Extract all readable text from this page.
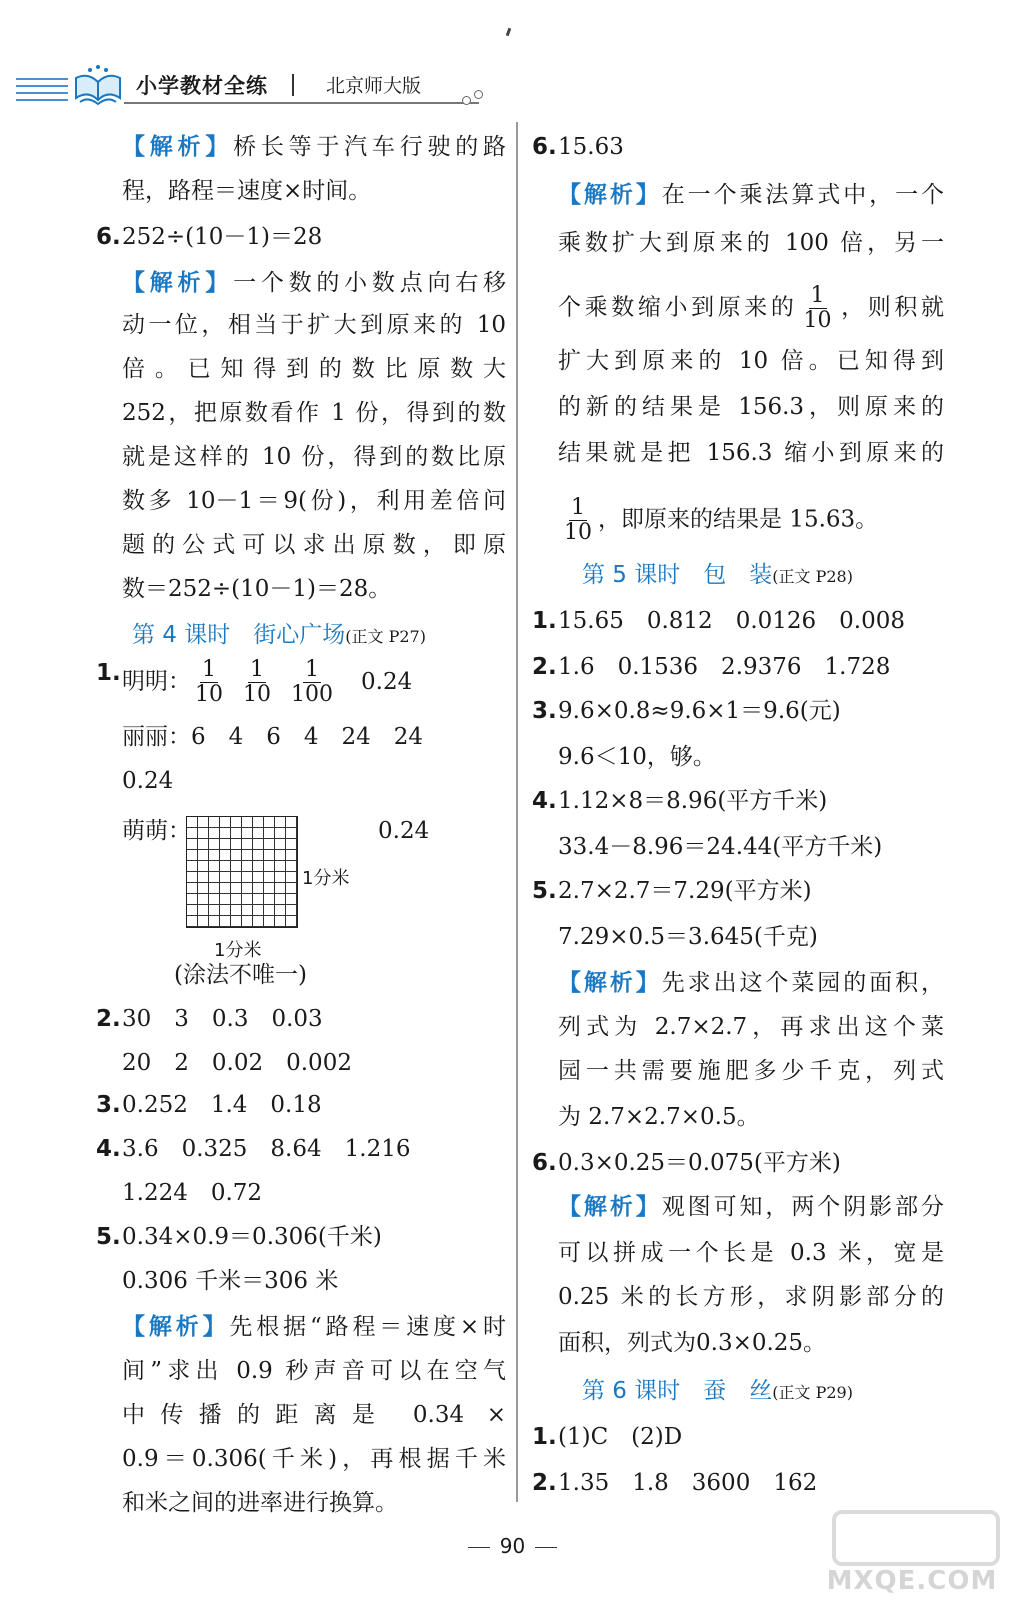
小学教材全练	北京师大版
【解析】桥长等于汽车行驶的路
程，路程＝速度×时间。
6. 252÷(10－1)＝28
【解析】一个数的小数点向右移
动一位，相当于扩大到原来的 10
倍。已知得到的数比原数大
252，把原数看作 1 份，得到的数
就是这样的 10 份，得到的数比原
数多 10－1＝9(份)，利用差倍问
题的公式可以求出原数，即原
数＝252÷(10－1)＝28。
第 4 课时　街心广场(正文 P27)
1. 明明： $\frac{1}{10} \frac{1}{10} \frac{1}{100} 0.24$
丽丽：6　4　6　4　24　24
0.24
萌萌：	0.24
1分米
1分米
(涂法不唯一)
2. 30　3　0.3　0.03
20　2　0.02　0.002
3. 0.252　1.4　0.18
4. 3.6　0.325　8.64　1.216
1.224　0.72
5. 0.34×0.9＝0.306(千米)
0.306 千米＝306 米
【解析】先根据“路程＝速度×时
间”求出 0.9 秒声音可以在空气
中传播的距离是 0.34 ×
0.9＝0.306(千米)，再根据千米
和米之间的进率进行换算。
6. 15.63
【解析】在一个乘法算式中，一个
乘数扩大到原来的 100 倍，另一
个乘数缩小到原来的 $\frac{1}{10}$ ，则积就
扩大到原来的 10 倍。已知得到
的新的结果是 156.3，则原来的
结果就是把 156.3 缩小到原来的
$\frac{1}{10}$ ，即原来的结果是 15.63。
第 5 课时　包　装(正文 P28)
1. 15.65　0.812　0.0126　0.008
2. 1.6　0.1536　2.9376　1.728
3. 9.6×0.8≈9.6×1＝9.6(元)
9.6＜10，够。
4. 1.12×8＝8.96(平方千米)
33.4－8.96＝24.44(平方千米)
5. 2.7×2.7＝7.29(平方米)
7.29×0.5＝3.645(千克)
【解析】先求出这个菜园的面积，
列式为 2.7×2.7，再求出这个菜
园一共需要施肥多少千克，列式
为 2.7×2.7×0.5。
6. 0.3×0.25＝0.075(平方米)
【解析】观图可知，两个阴影部分
可以拼成一个长是 0.3 米，宽是
0.25 米的长方形，求阴影部分的
面积，列式为0.3×0.25。
第 6 课时　蚕　丝(正文 P29)
1. (1)C　(2)D
2. 1.35　1.8　3600　162
90
MXQE.COM
